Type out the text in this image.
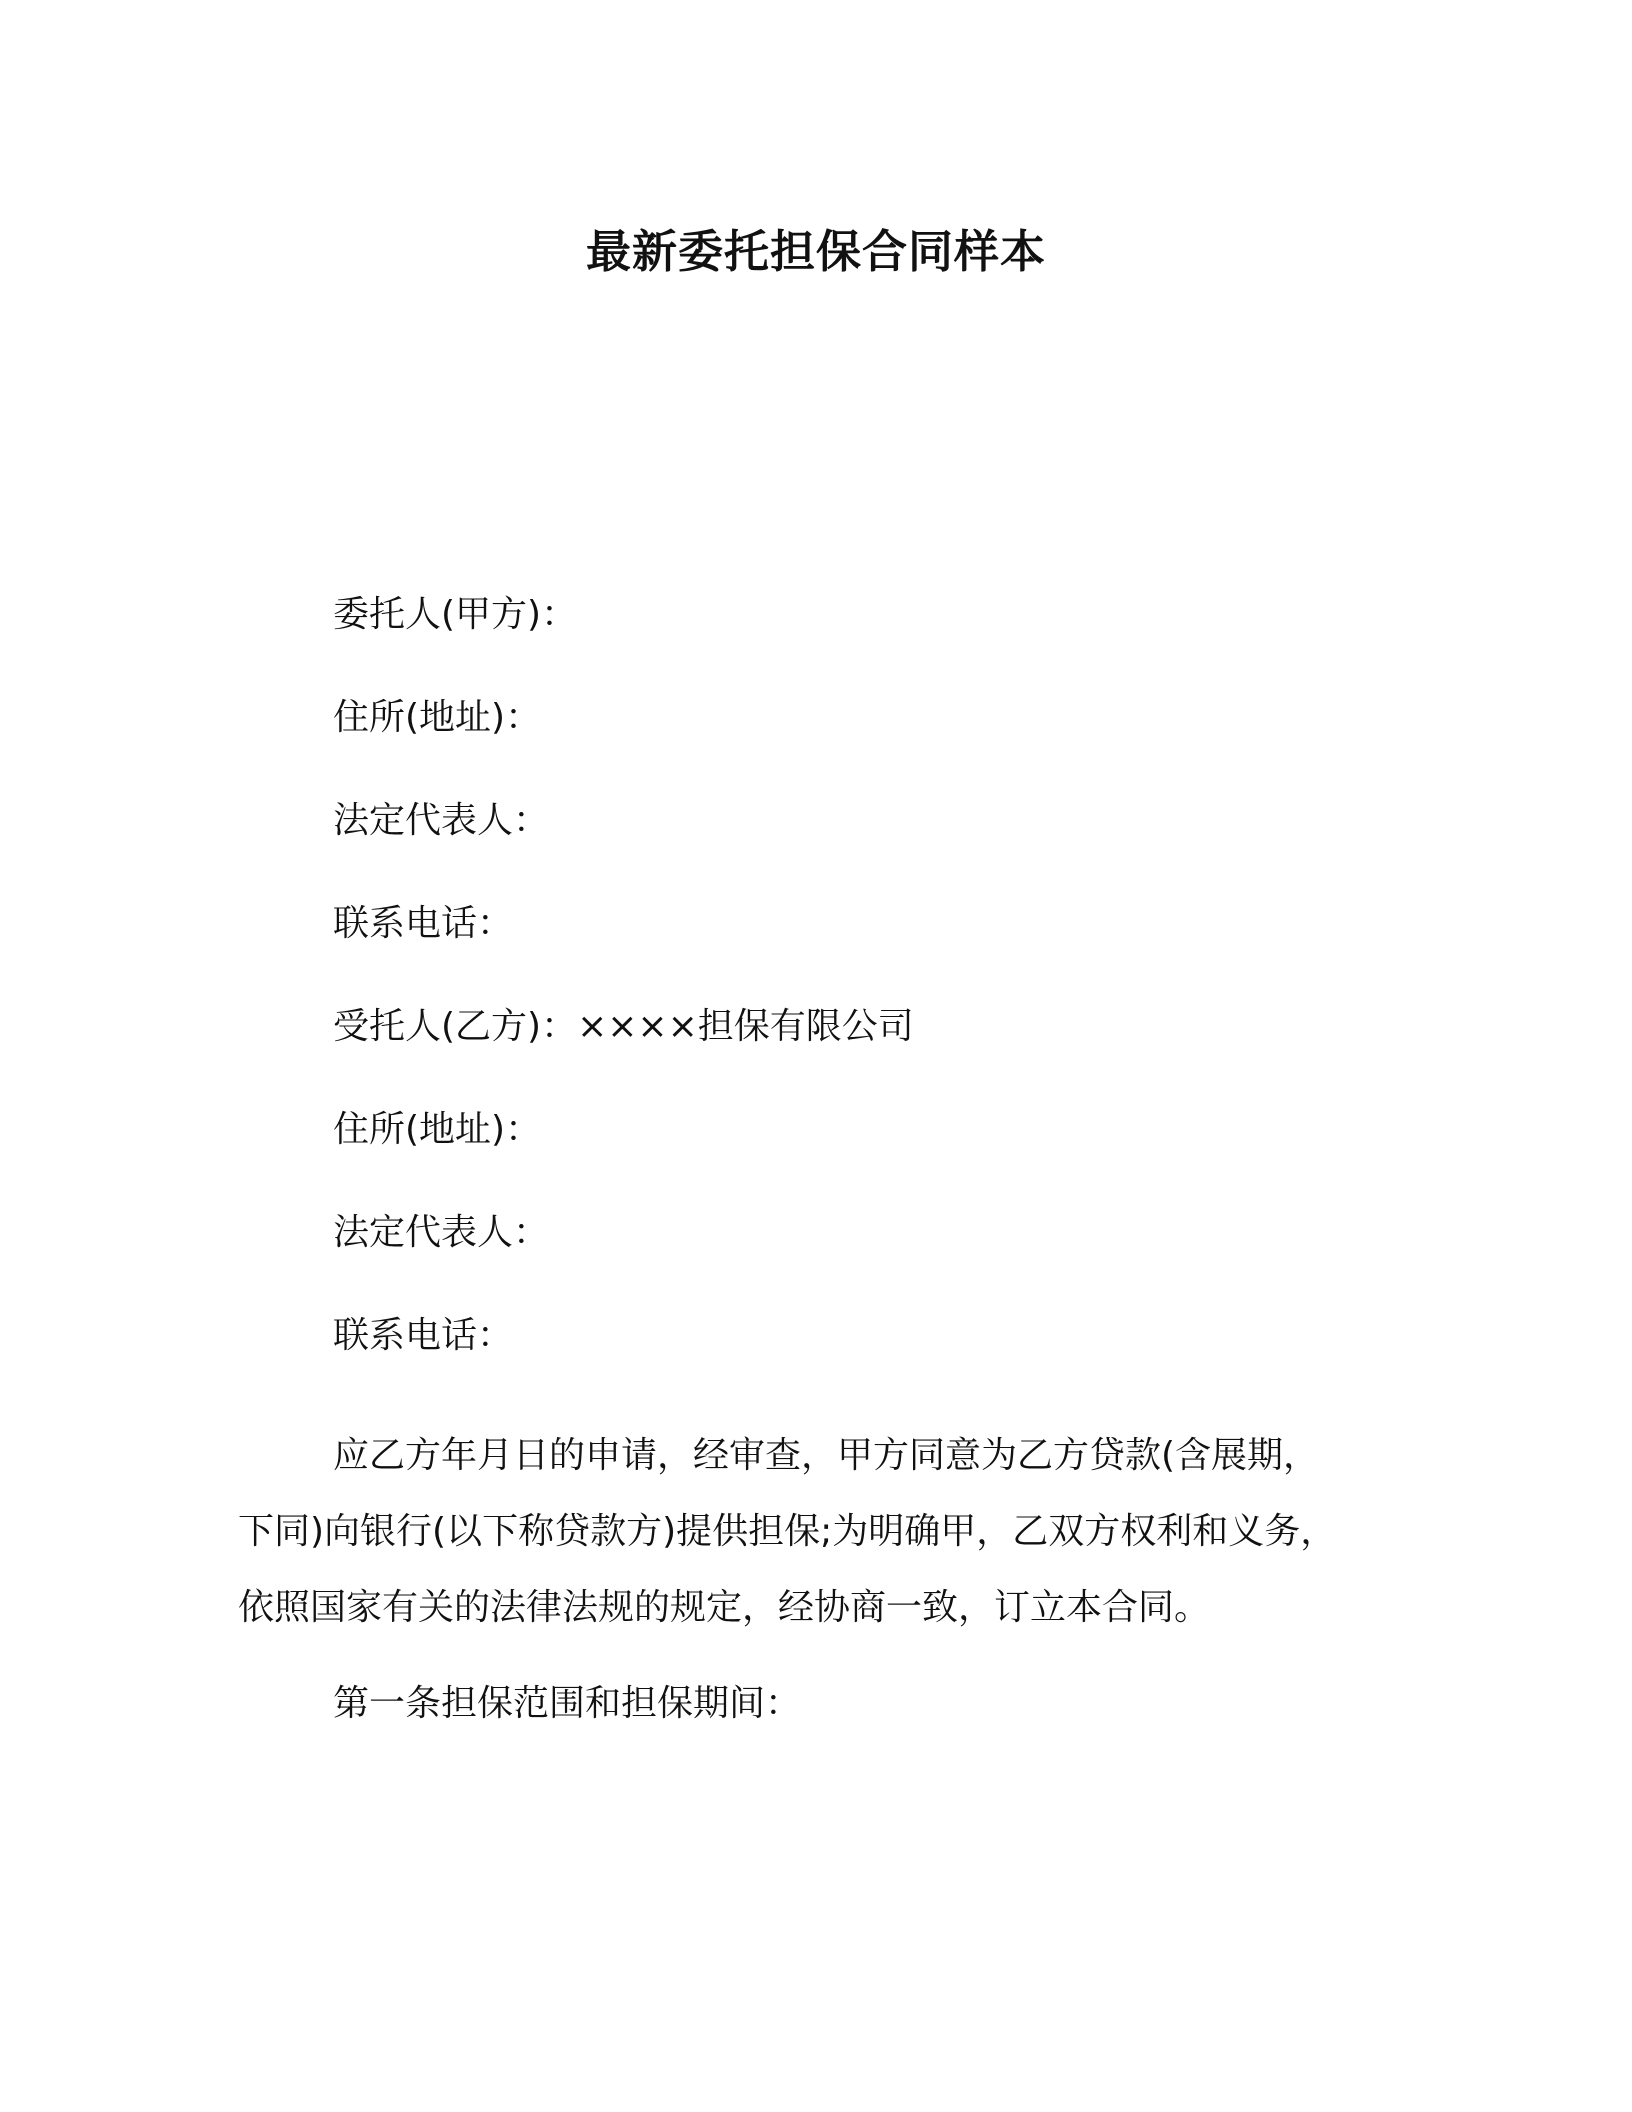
最新委托担保合同样本

委托人(甲方)：

住所(地址)：

法定代表人：

联系电话：

受托人(乙方)：××××担保有限公司

住所(地址)：

法定代表人：

联系电话：

应乙方年月日的申请，经审查，甲方同意为乙方贷款(含展期，下同)向银行(以下称贷款方)提供担保;为明确甲，乙双方权利和义务，依照国家有关的法律法规的规定，经协商一致，订立本合同。

第一条担保范围和担保期间：
